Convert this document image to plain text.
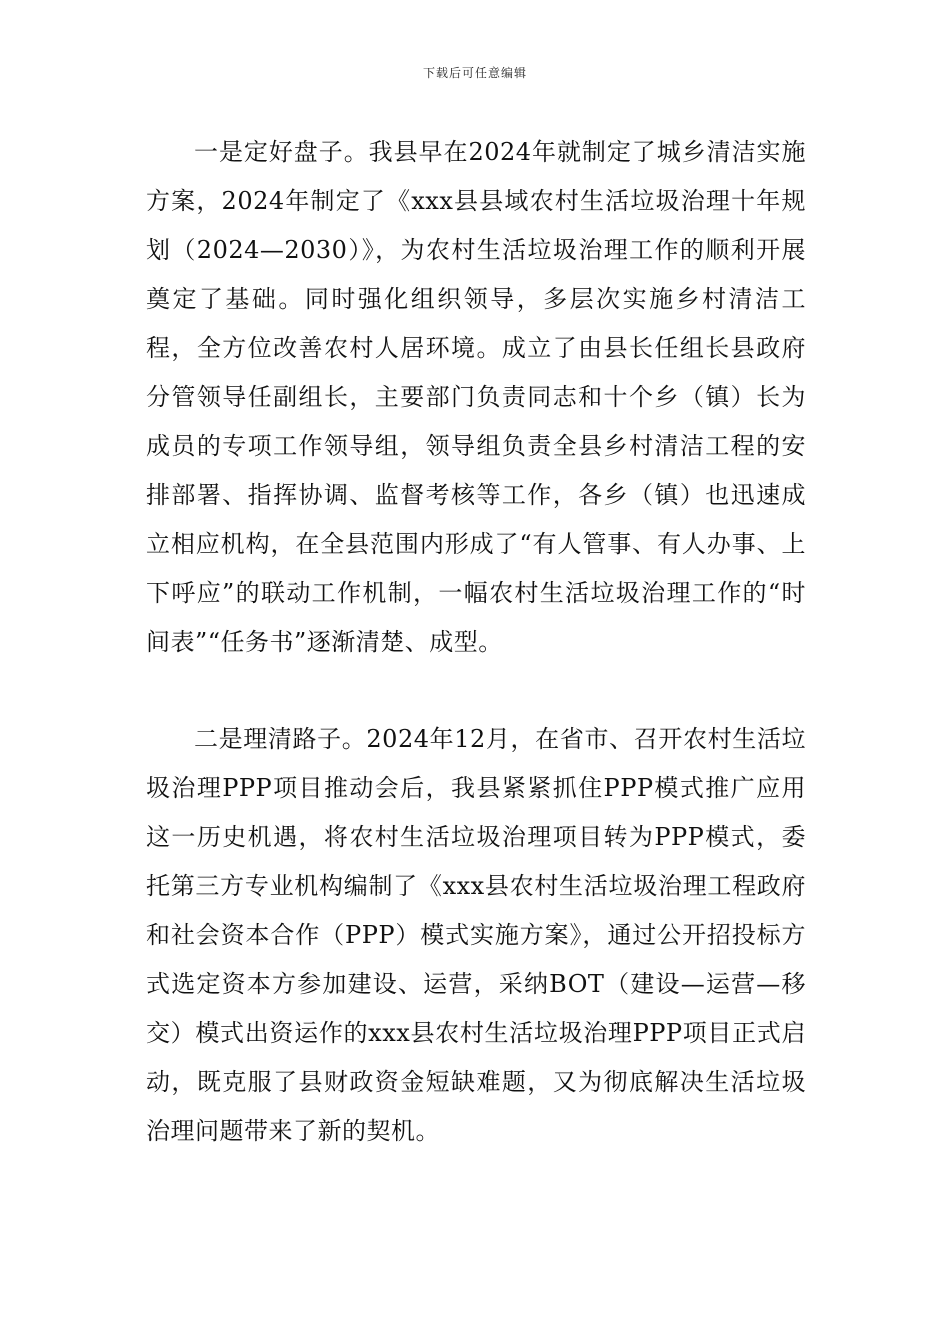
下载后可任意编辑

一是定好盘子。我县早在2024年就制定了城乡清洁实施方案，2024年制定了《xxx县县域农村生活垃圾治理十年规划（2024—2030）》，为农村生活垃圾治理工作的顺利开展奠定了基础。同时强化组织领导，多层次实施乡村清洁工程，全方位改善农村人居环境。成立了由县长任组长县政府分管领导任副组长，主要部门负责同志和十个乡（镇）长为成员的专项工作领导组，领导组负责全县乡村清洁工程的安排部署、指挥协调、监督考核等工作，各乡（镇）也迅速成立相应机构，在全县范围内形成了“有人管事、有人办事、上下呼应”的联动工作机制，一幅农村生活垃圾治理工作的“时间表”“任务书”逐渐清楚、成型。

二是理清路子。2024年12月，在省市、召开农村生活垃圾治理PPP项目推动会后，我县紧紧抓住PPP模式推广应用这一历史机遇，将农村生活垃圾治理项目转为PPP模式，委托第三方专业机构编制了《xxx县农村生活垃圾治理工程政府和社会资本合作（PPP）模式实施方案》，通过公开招投标方式选定资本方参加建设、运营，采纳BOT（建设—运营—移交）模式出资运作的xxx县农村生活垃圾治理PPP项目正式启动，既克服了县财政资金短缺难题，又为彻底解决生活垃圾治理问题带来了新的契机。
